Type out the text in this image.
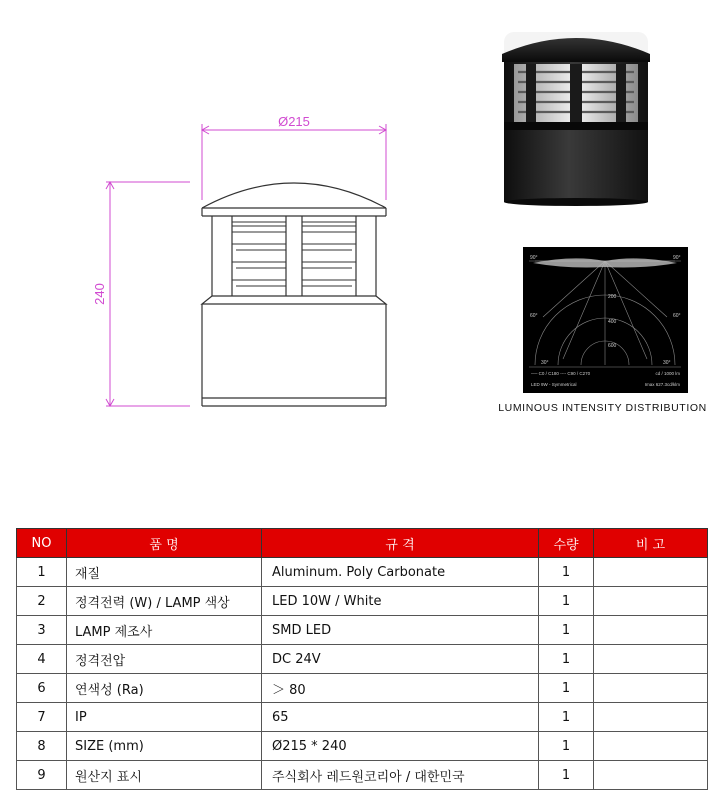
Ø215
240
90°	90°
60°	60°
30°	30°
200
400
600
── C0 / C180 ---- C90 / C270	cd / 1000 lm
LED 9W - Symmetrical	Imax 627.3cd/klm
LUMINOUS INTENSITY DISTRIBUTION
NO	품 명	규 격	수량	비 고
1	재질	Aluminum. Poly Carbonate	1	
2	정격전력 (W) / LAMP 색상	LED 10W / White	1	
3	LAMP 제조사	SMD LED	1	
4	정격전압	DC 24V	1	
6	연색성 (Ra)	＞ 80	1	
7	IP	65	1	
8	SIZE (mm)	Ø215 * 240	1	
9	원산지 표시	주식회사 레드원코리아 / 대한민국	1	
